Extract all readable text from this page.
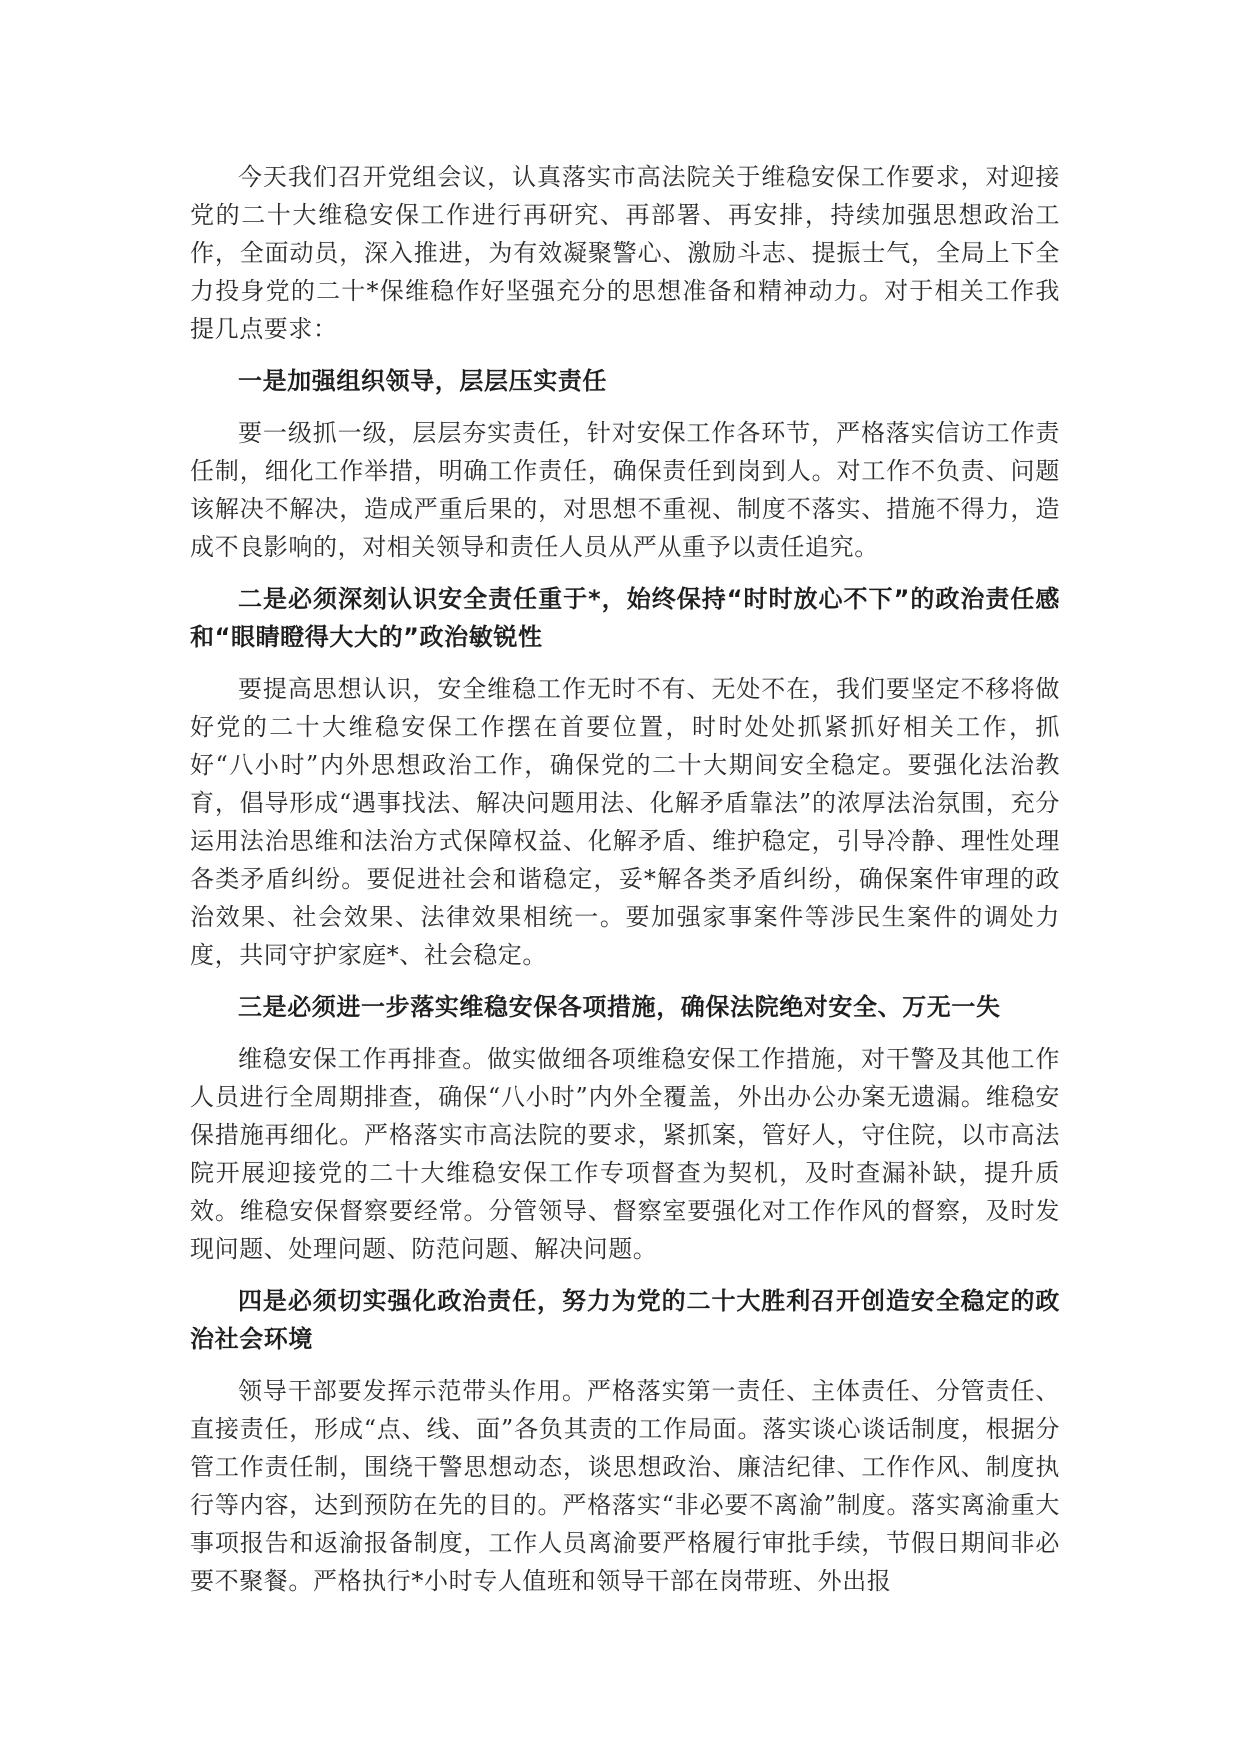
今天我们召开党组会议，认真落实市高法院关于维稳安保工作要求，对迎接党的二十大维稳安保工作进行再研究、再部署、再安排，持续加强思想政治工作，全面动员，深入推进，为有效凝聚警心、激励斗志、提振士气，全局上下全力投身党的二十*保维稳作好坚强充分的思想准备和精神动力。对于相关工作我提几点要求：

一是加强组织领导，层层压实责任

要一级抓一级，层层夯实责任，针对安保工作各环节，严格落实信访工作责任制，细化工作举措，明确工作责任，确保责任到岗到人。对工作不负责、问题该解决不解决，造成严重后果的，对思想不重视、制度不落实、措施不得力，造成不良影响的，对相关领导和责任人员从严从重予以责任追究。

二是必须深刻认识安全责任重于*，始终保持“时时放心不下”的政治责任感和“眼睛瞪得大大的”政治敏锐性

要提高思想认识，安全维稳工作无时不有、无处不在，我们要坚定不移将做好党的二十大维稳安保工作摆在首要位置，时时处处抓紧抓好相关工作，抓好“八小时”内外思想政治工作，确保党的二十大期间安全稳定。要强化法治教育，倡导形成“遇事找法、解决问题用法、化解矛盾靠法”的浓厚法治氛围，充分运用法治思维和法治方式保障权益、化解矛盾、维护稳定，引导冷静、理性处理各类矛盾纠纷。要促进社会和谐稳定，妥*解各类矛盾纠纷，确保案件审理的政治效果、社会效果、法律效果相统一。要加强家事案件等涉民生案件的调处力度，共同守护家庭*、社会稳定。

三是必须进一步落实维稳安保各项措施，确保法院绝对安全、万无一失

维稳安保工作再排查。做实做细各项维稳安保工作措施，对干警及其他工作人员进行全周期排查，确保“八小时”内外全覆盖，外出办公办案无遗漏。维稳安保措施再细化。严格落实市高法院的要求，紧抓案，管好人，守住院，以市高法院开展迎接党的二十大维稳安保工作专项督查为契机，及时查漏补缺，提升质效。维稳安保督察要经常。分管领导、督察室要强化对工作作风的督察，及时发现问题、处理问题、防范问题、解决问题。

四是必须切实强化政治责任，努力为党的二十大胜利召开创造安全稳定的政治社会环境

领导干部要发挥示范带头作用。严格落实第一责任、主体责任、分管责任、直接责任，形成“点、线、面”各负其责的工作局面。落实谈心谈话制度，根据分管工作责任制，围绕干警思想动态，谈思想政治、廉洁纪律、工作作风、制度执行等内容，达到预防在先的目的。严格落实“非必要不离渝”制度。落实离渝重大事项报告和返渝报备制度，工作人员离渝要严格履行审批手续，节假日期间非必要不聚餐。严格执行*小时专人值班和领导干部在岗带班、外出报
